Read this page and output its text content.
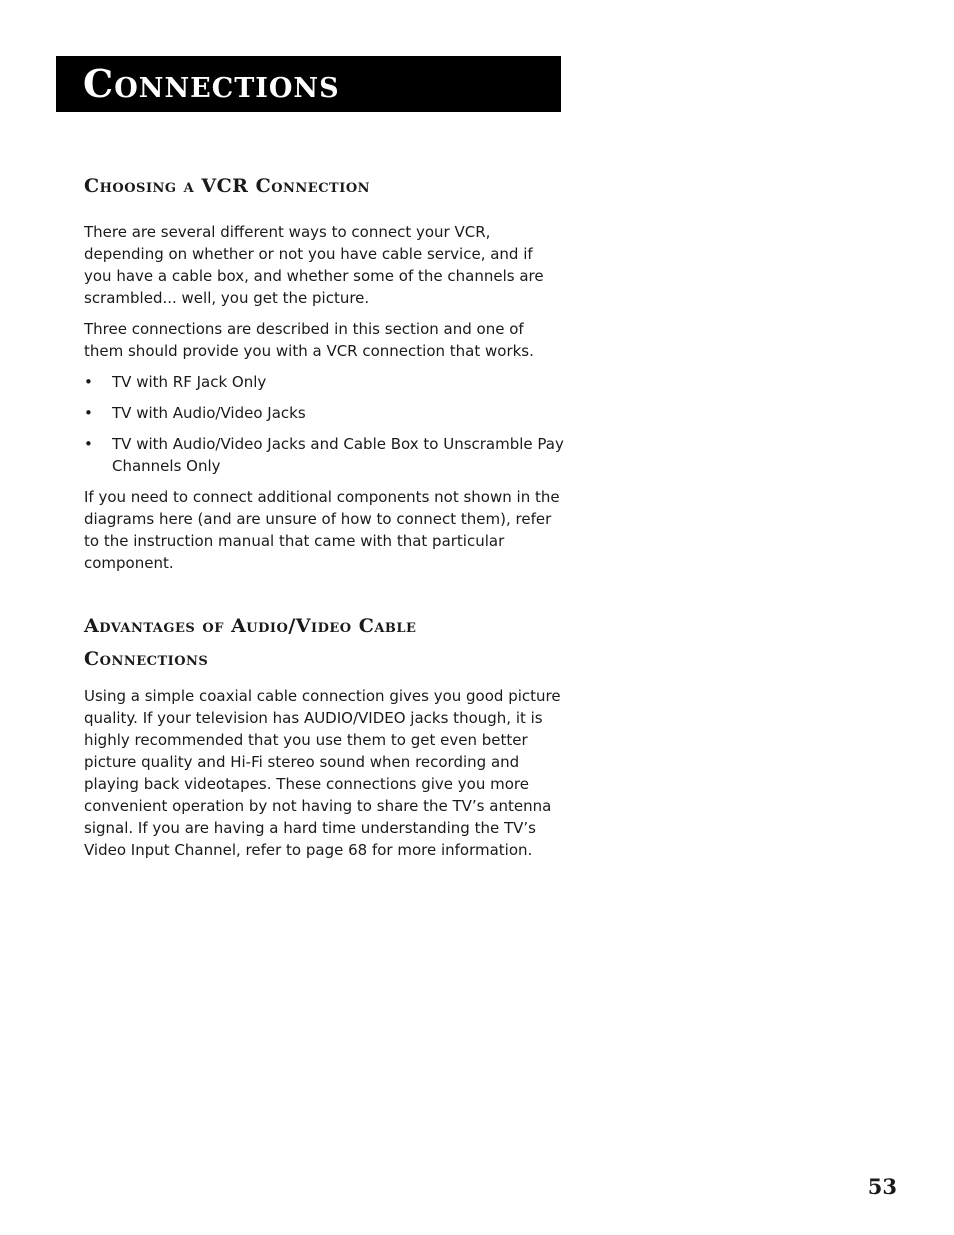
Connections
Choosing a VCR Connection

There are several different ways to connect your VCR, depending on whether or not you have cable service, and if you have a cable box, and whether some of the channels are scrambled... well, you get the picture.

Three connections are described in this section and one of them should provide you with a VCR connection that works.

• TV with RF Jack Only
• TV with Audio/Video Jacks
• TV with Audio/Video Jacks and Cable Box to Unscramble Pay Channels Only

If you need to connect additional components not shown in the diagrams here (and are unsure of how to connect them), refer to the instruction manual that came with that particular component.

Advantages of Audio/Video Cable
Connections

Using a simple coaxial cable connection gives you good picture quality. If your television has AUDIO/VIDEO jacks though, it is highly recommended that you use them to get even better picture quality and Hi-Fi stereo sound when recording and playing back videotapes. These connections give you more convenient operation by not having to share the TV’s antenna signal. If you are having a hard time understanding the TV’s Video Input Channel, refer to page 68 for more information.

53
